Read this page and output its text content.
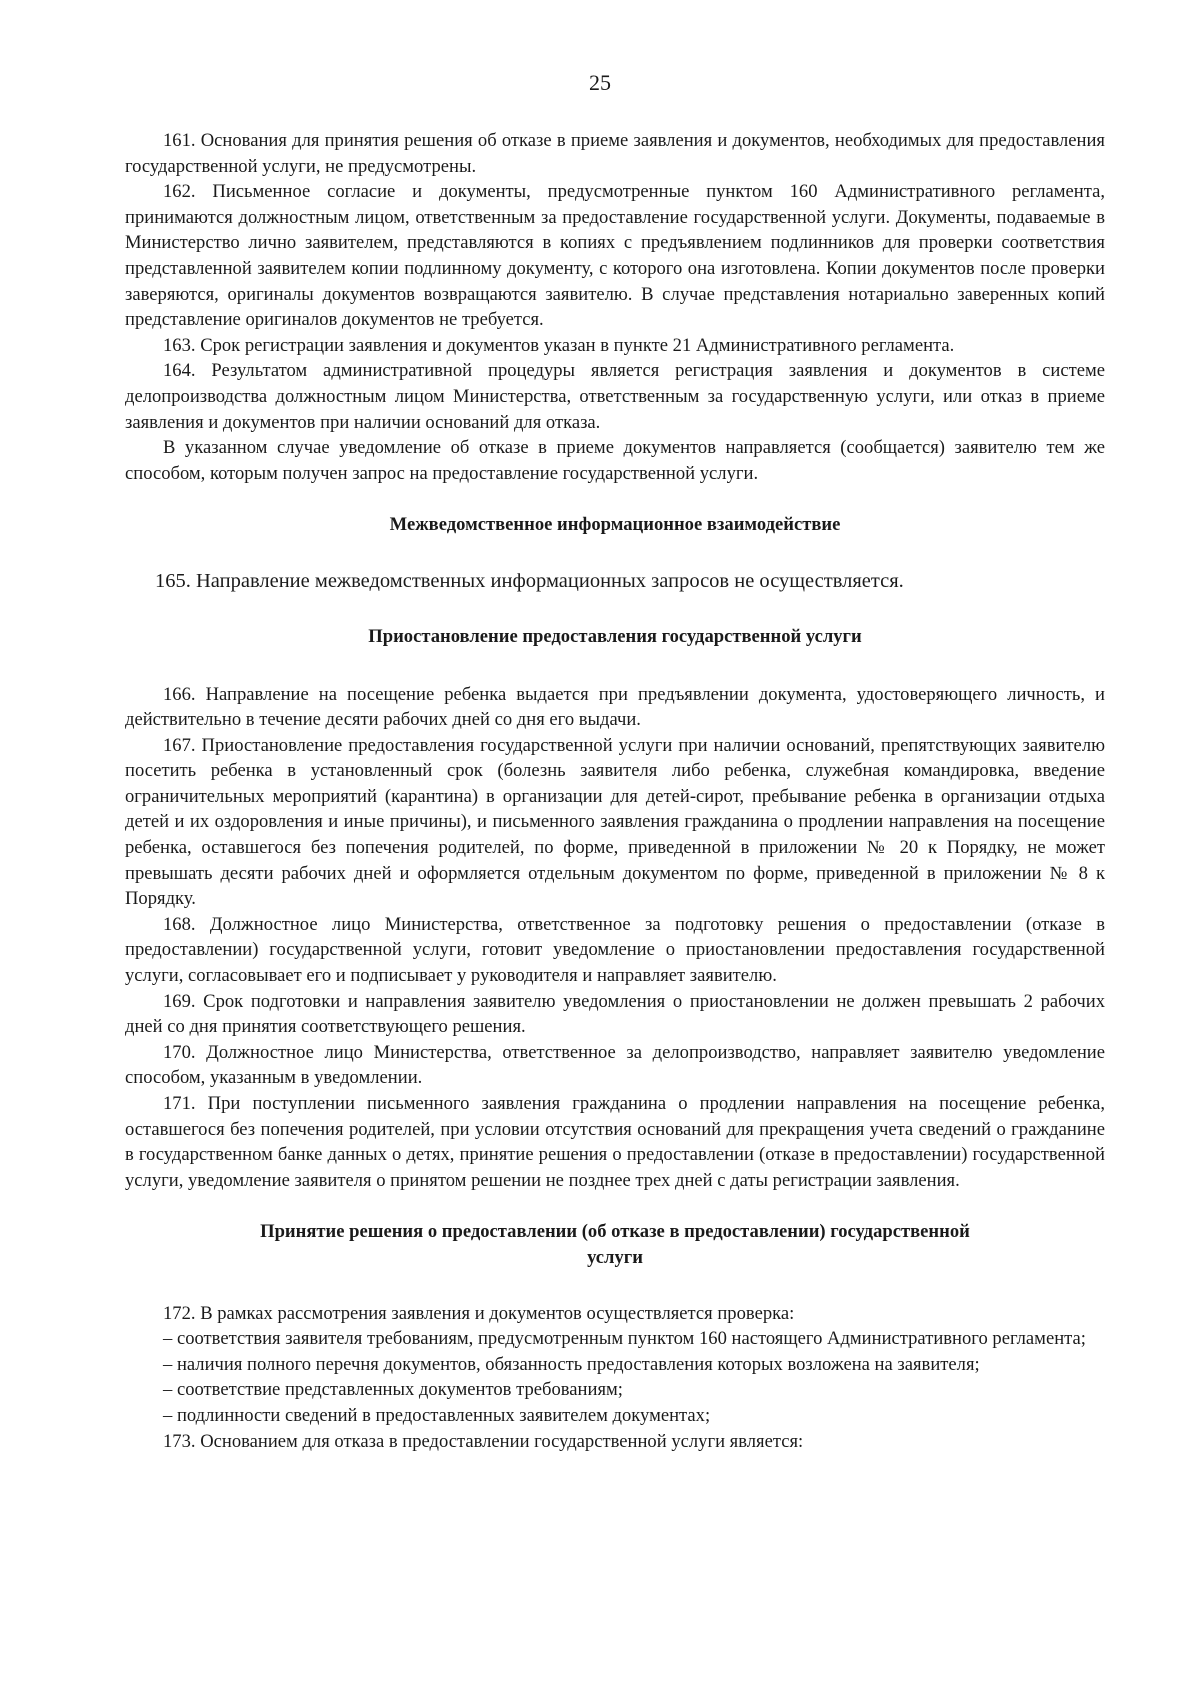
25

161. Основания для принятия решения об отказе в приеме заявления и документов, необходимых для предоставления государственной услуги, не предусмотрены.

162. Письменное согласие и документы, предусмотренные пунктом 160 Административного регламента, принимаются должностным лицом, ответственным за предоставление государственной услуги. Документы, подаваемые в Министерство лично заявителем, представляются в копиях с предъявлением подлинников для проверки соответствия представленной заявителем копии подлинному документу, с которого она изготовлена. Копии документов после проверки заверяются, оригиналы документов возвращаются заявителю. В случае представления нотариально заверенных копий представление оригиналов документов не требуется.

163. Срок регистрации заявления и документов указан в пункте 21 Административного регламента.

164. Результатом административной процедуры является регистрация заявления и документов в системе делопроизводства должностным лицом Министерства, ответственным за государственную услуги, или отказ в приеме заявления и документов при наличии оснований для отказа.

В указанном случае уведомление об отказе в приеме документов направляется (сообщается) заявителю тем же способом, которым получен запрос на предоставление государственной услуги.

Межведомственное информационное взаимодействие

165. Направление межведомственных информационных запросов не осуществляется.

Приостановление предоставления государственной услуги

166. Направление на посещение ребенка выдается при предъявлении документа, удостоверяющего личность, и действительно в течение десяти рабочих дней со дня его выдачи.

167. Приостановление предоставления государственной услуги при наличии оснований, препятствующих заявителю посетить ребенка в установленный срок (болезнь заявителя либо ребенка, служебная командировка, введение ограничительных мероприятий (карантина) в организации для детей-сирот, пребывание ребенка в организации отдыха детей и их оздоровления и иные причины), и письменного заявления гражданина о продлении направления на посещение ребенка, оставшегося без попечения родителей, по форме, приведенной в приложении № 20 к Порядку, не может превышать десяти рабочих дней и оформляется отдельным документом по форме, приведенной в приложении № 8 к Порядку.

168. Должностное лицо Министерства, ответственное за подготовку решения о предоставлении (отказе в предоставлении) государственной услуги, готовит уведомление о приостановлении предоставления государственной услуги, согласовывает его и подписывает у руководителя и направляет заявителю.

169. Срок подготовки и направления заявителю уведомления о приостановлении не должен превышать 2 рабочих дней со дня принятия соответствующего решения.

170. Должностное лицо Министерства, ответственное за делопроизводство, направляет заявителю уведомление способом, указанным в уведомлении.

171. При поступлении письменного заявления гражданина о продлении направления на посещение ребенка, оставшегося без попечения родителей, при условии отсутствия оснований для прекращения учета сведений о гражданине в государственном банке данных о детях, принятие решения о предоставлении (отказе в предоставлении) государственной услуги, уведомление заявителя о принятом решении не позднее трех дней с даты регистрации заявления.

Принятие решения о предоставлении (об отказе в предоставлении) государственной услуги

172. В рамках рассмотрения заявления и документов осуществляется проверка:

– соответствия заявителя требованиям, предусмотренным пунктом 160 настоящего Административного регламента;

– наличия полного перечня документов, обязанность предоставления которых возложена на заявителя;

– соответствие представленных документов требованиям;

– подлинности сведений в предоставленных заявителем документах;

173. Основанием для отказа в предоставлении государственной услуги является:
